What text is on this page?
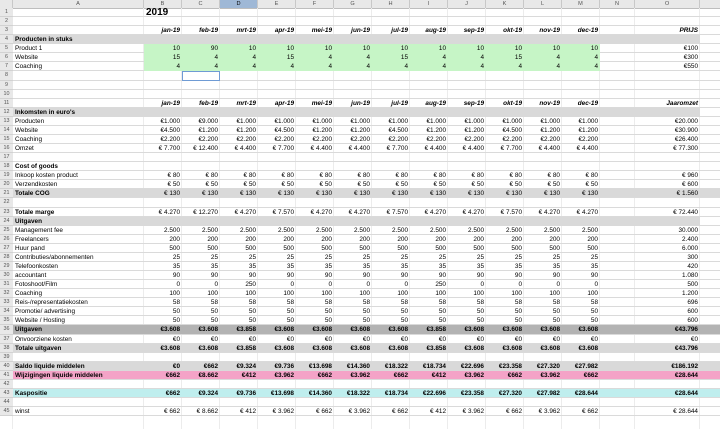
A	B	C	D	E	F	G	H	I	J	K	L	M	N	O
1	2019
2
3	jan-19	feb-19	mrt-19	apr-19	mei-19	jun-19	jul-19	aug-19	sep-19	okt-19	nov-19	dec-19	PRIJS
4	Producten in stuks
5	Product 1	10	90	10	10	10	10	10	10	10	10	10	10	€100
6	Website	15	4	4	15	4	4	15	4	4	15	4	4	€300
7	Coaching	4	4	4	4	4	4	4	4	4	4	4	4	€550
8
9
10
11	jan-19	feb-19	mrt-19	apr-19	mei-19	jun-19	jul-19	aug-19	sep-19	okt-19	nov-19	dec-19	Jaaromzet
12 Inkomsten in euro's
13 Producten	€1.000	€9.000	€1.000	€1.000	€1.000	€1.000	€1.000	€1.000	€1.000	€1.000	€1.000	€1.000	€20.000
14 Website	€4.500	€1.200	€1.200	€4.500	€1.200	€1.200	€4.500	€1.200	€1.200	€4.500	€1.200	€1.200	€30.900
15 Coaching	€2.200	€2.200	€2.200	€2.200	€2.200	€2.200	€2.200	€2.200	€2.200	€2.200	€2.200	€2.200	€26.400
16 Omzet	€ 7.700	€ 12.400	€ 4.400	€ 7.700	€ 4.400	€ 4.400	€ 7.700	€ 4.400	€ 4.400	€ 7.700	€ 4.400	€ 4.400	€ 77.300
17
18 Cost of goods
19 Inkoop kosten product	€ 80	€ 80	€ 80	€ 80	€ 80	€ 80	€ 80	€ 80	€ 80	€ 80	€ 80	€ 80	€ 960
20 Verzendkosten	€ 50	€ 50	€ 50	€ 50	€ 50	€ 50	€ 50	€ 50	€ 50	€ 50	€ 50	€ 50	€ 600
21 Totale COG	€ 130	€ 130	€ 130	€ 130	€ 130	€ 130	€ 130	€ 130	€ 130	€ 130	€ 130	€ 130	€ 1.560
22
23 Totale marge	€ 4.270	€ 12.270	€ 4.270	€ 7.570	€ 4.270	€ 4.270	€ 7.570	€ 4.270	€ 4.270	€ 7.570	€ 4.270	€ 4.270	€ 72.440
24 Uitgaven
25 Management fee	2.500	2.500	2.500	2.500	2.500	2.500	2.500	2.500	2.500	2.500	2.500	2.500	30.000
26 Freelancers	200	200	200	200	200	200	200	200	200	200	200	200	2.400
27 Huur pand	500	500	500	500	500	500	500	500	500	500	500	500	6.000
28 Contributies/abonnementen	25	25	25	25	25	25	25	25	25	25	25	25	300
29 Telefoonkosten	35	35	35	35	35	35	35	35	35	35	35	35	420
30 accountant	90	90	90	90	90	90	90	90	90	90	90	90	1.080
31 Fotoshoot/Film	0	0	250	0	0	0	0	250	0	0	0	0	500
32 Coaching	100	100	100	100	100	100	100	100	100	100	100	100	1.200
33 Reis-/representatiekosten	58	58	58	58	58	58	58	58	58	58	58	58	696
34 Promotie/ advertising	50	50	50	50	50	50	50	50	50	50	50	50	600
35 Website / Hosting	50	50	50	50	50	50	50	50	50	50	50	50	600
36 Uitgaven	€3.608	€3.608	€3.858	€3.608	€3.608	€3.608	€3.608	€3.858	€3.608	€3.608	€3.608	€3.608	€43.796
37 Onvoorziene kosten	€0	€0	€0	€0	€0	€0	€0	€0	€0	€0	€0	€0	€0
38 Totale uitgaven	€3.608	€3.608	€3.858	€3.608	€3.608	€3.608	€3.608	€3.858	€3.608	€3.608	€3.608	€3.608	€43.796
39
40 Saldo liquide middelen	€0	€662	€9.324	€9.736	€13.698	€14.360	€18.322	€18.734	€22.696	€23.358	€27.320	€27.982	€186.192
41 Wijzigingen liquide middelen	€662	€8.662	€412	€3.962	€662	€3.962	€662	€412	€3.962	€662	€3.962	€662	€28.644
42
43 Kaspositie	€662	€9.324	€9.736	€13.698	€14.360	€18.322	€18.734	€22.696	€23.358	€27.320	€27.982	€28.644	€28.644
44
45 winst	€ 662	€ 8.662	€ 412	€ 3.962	€ 662	€ 3.962	€ 662	€ 412	€ 3.962	€ 662	€ 3.962	€ 662	€ 28.644
